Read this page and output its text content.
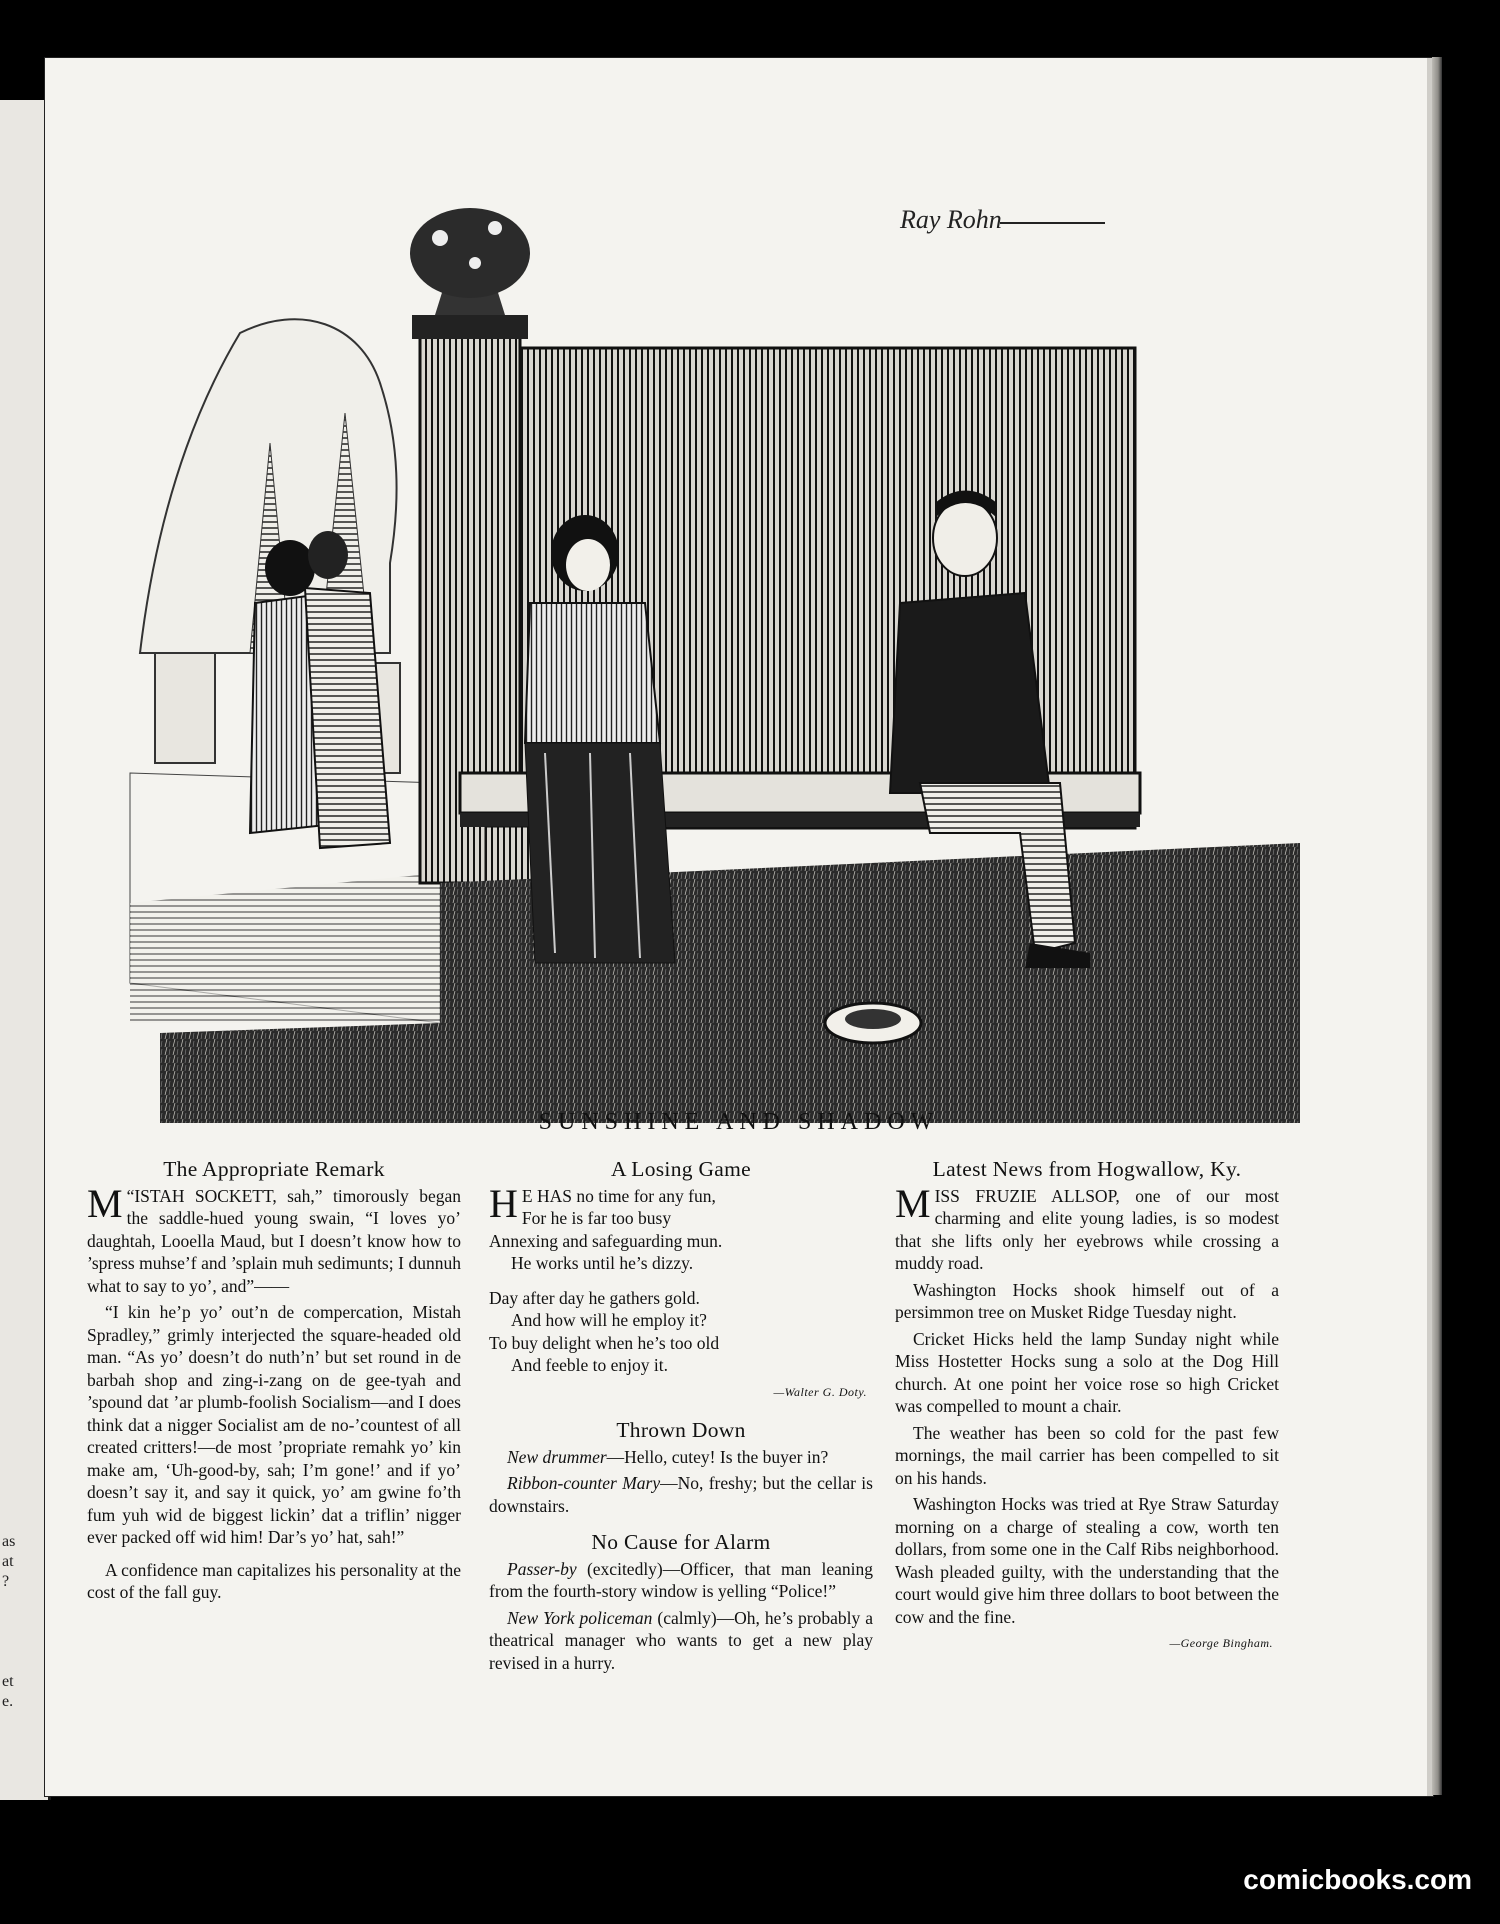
as
at
?
et
e.
Ray Rohn
SUNSHINE AND SHADOW
The Appropriate Remark

“
M ISTAH SOCKETT, sah,” timorously began the saddle-hued young swain, “I loves yo’ daughtah, Looella Maud, but I doesn’t know how to ’spress muhse’f and ’splain muh sedimunts; I dunnuh what to say to yo’, and”——

“I kin he’p yo’ out’n de compercation, Mistah Spradley,” grimly interjected the square-headed old man. “As yo’ doesn’t do nuth’n’ but set round in de barbah shop and zing-i-zang on de gee-tyah and ’spound dat ’ar plumb-foolish Socialism—and I does think dat a nigger Socialist am de no-’countest of all created critters!—de most ’propriate remahk yo’ kin make am, ‘Uh-good-by, sah; I’m gone!’ and if yo’ doesn’t say it, and say it quick, yo’ am gwine fo’th fum yuh wid de biggest lickin’ dat a triflin’ nigger ever packed off wid him! Dar’s yo’ hat, sah!”

A confidence man capitalizes his personality at the cost of the fall guy.

A Losing Game
H E HAS no time for any fun,
For he is far too busy
Annexing and safeguarding mun.
He works until he’s dizzy.
Day after day he gathers gold.
And how will he employ it?
To buy delight when he’s too old
And feeble to enjoy it.
—Walter G. Doty.
Thrown Down

New drummer—Hello, cutey! Is the buyer in?

Ribbon-counter Mary—No, freshy; but the cellar is downstairs.

No Cause for Alarm

Passer-by (excitedly)—Officer, that man leaning from the fourth-story window is yelling “Police!”

New York policeman (calmly)—Oh, he’s probably a theatrical manager who wants to get a new play revised in a hurry.

Latest News from Hogwallow, Ky.

MISS FRUZIE ALLSOP, one of our most charming and elite young ladies, is so modest that she lifts only her eyebrows while crossing a muddy road.

Washington Hocks shook himself out of a persimmon tree on Musket Ridge Tuesday night.

Cricket Hicks held the lamp Sunday night while Miss Hostetter Hocks sung a solo at the Dog Hill church. At one point her voice rose so high Cricket was compelled to mount a chair.

The weather has been so cold for the past few mornings, the mail carrier has been compelled to sit on his hands.

Washington Hocks was tried at Rye Straw Saturday morning on a charge of stealing a cow, worth ten dollars, from some one in the Calf Ribs neighborhood. Wash pleaded guilty, with the understanding that the court would give him three dollars to boot between the cow and the fine.

—George Bingham.
comicbooks.com
